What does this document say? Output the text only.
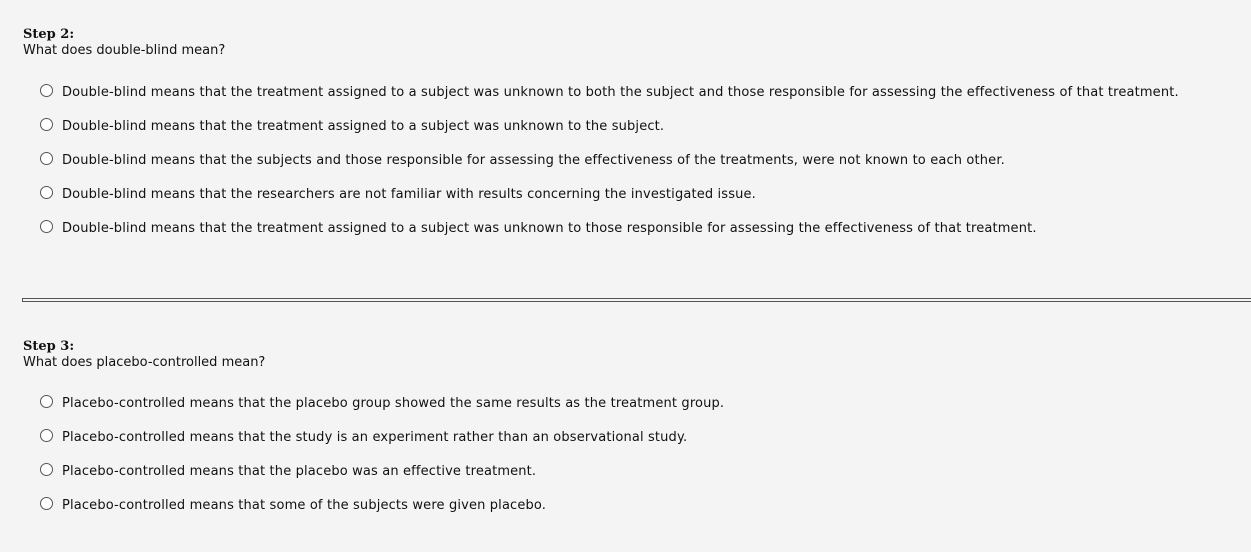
Step 2:
What does double-blind mean?
Double-blind means that the treatment assigned to a subject was unknown to both the subject and those responsible for assessing the effectiveness of that treatment.
Double-blind means that the treatment assigned to a subject was unknown to the subject.
Double-blind means that the subjects and those responsible for assessing the effectiveness of the treatments, were not known to each other.
Double-blind means that the researchers are not familiar with results concerning the investigated issue.
Double-blind means that the treatment assigned to a subject was unknown to those responsible for assessing the effectiveness of that treatment.
Step 3:
What does placebo-controlled mean?
Placebo-controlled means that the placebo group showed the same results as the treatment group.
Placebo-controlled means that the study is an experiment rather than an observational study.
Placebo-controlled means that the placebo was an effective treatment.
Placebo-controlled means that some of the subjects were given placebo.
